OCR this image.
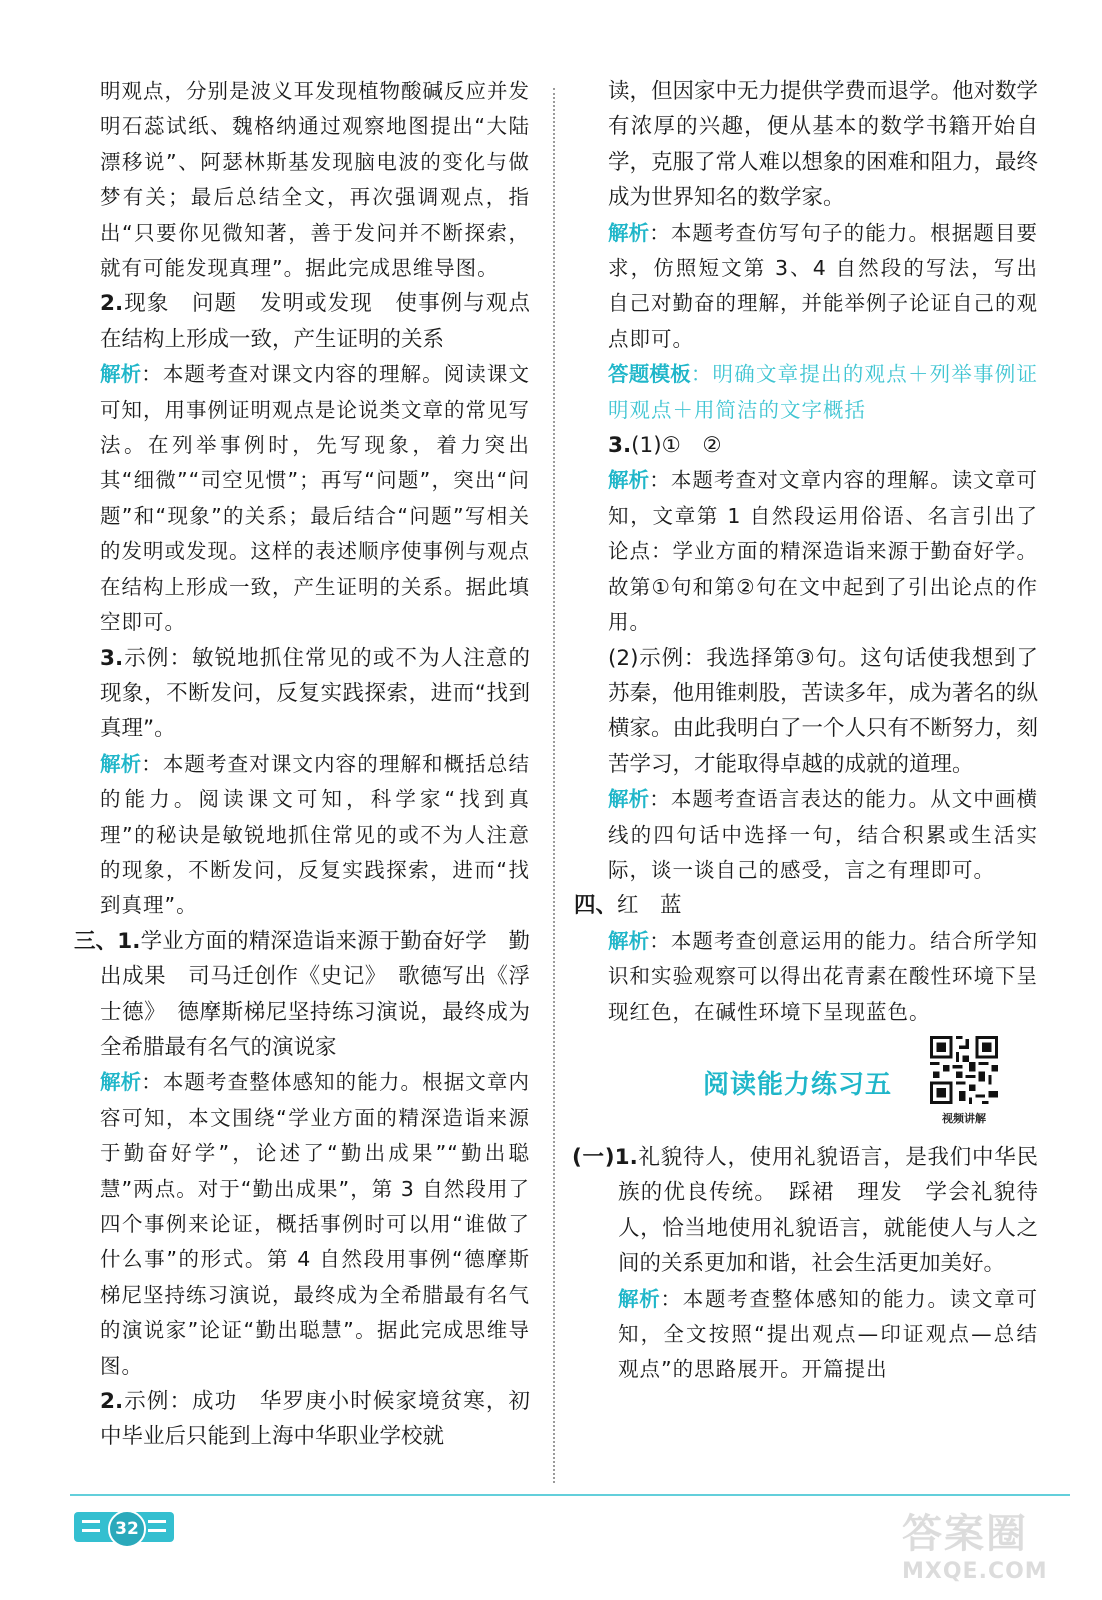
明观点，分别是波义耳发现植物酸碱反应并发明石蕊试纸、魏格纳通过观察地图提出“大陆漂移说”、阿瑟林斯基发现脑电波的变化与做梦有关；最后总结全文，再次强调观点，指出“只要你见微知著，善于发问并不断探索，就有可能发现真理”。据此完成思维导图。

2.现象　问题　发明或发现　使事例与观点在结构上形成一致，产生证明的关系

解析：本题考查对课文内容的理解。阅读课文可知，用事例证明观点是论说类文章的常见写法。在列举事例时，先写现象，着力突出其“细微”“司空见惯”；再写“问题”，突出“问题”和“现象”的关系；最后结合“问题”写相关的发明或发现。这样的表述顺序使事例与观点在结构上形成一致，产生证明的关系。据此填空即可。

3.示例：敏锐地抓住常见的或不为人注意的现象，不断发问，反复实践探索，进而“找到真理”。

解析：本题考查对课文内容的理解和概括总结的能力。阅读课文可知，科学家“找到真理”的秘诀是敏锐地抓住常见的或不为人注意的现象，不断发问，反复实践探索，进而“找到真理”。

三、1.学业方面的精深造诣来源于勤奋好学　勤出成果　司马迁创作《史记》　歌德写出《浮士德》　德摩斯梯尼坚持练习演说，最终成为全希腊最有名气的演说家

解析：本题考查整体感知的能力。根据文章内容可知，本文围绕“学业方面的精深造诣来源于勤奋好学”，论述了“勤出成果”“勤出聪慧”两点。对于“勤出成果”，第 3 自然段用了四个事例来论证，概括事例时可以用“谁做了什么事”的形式。第 4 自然段用事例“德摩斯梯尼坚持练习演说，最终成为全希腊最有名气的演说家”论证“勤出聪慧”。据此完成思维导图。

2.示例：成功　华罗庚小时候家境贫寒，初中毕业后只能到上海中华职业学校就

读，但因家中无力提供学费而退学。他对数学有浓厚的兴趣，便从基本的数学书籍开始自学，克服了常人难以想象的困难和阻力，最终成为世界知名的数学家。

解析：本题考查仿写句子的能力。根据题目要求，仿照短文第 3、4 自然段的写法，写出自己对勤奋的理解，并能举例子论证自己的观点即可。

答题模板：明确文章提出的观点＋列举事例证明观点＋用简洁的文字概括

3.(1)①　②

解析：本题考查对文章内容的理解。读文章可知，文章第 1 自然段运用俗语、名言引出了论点：学业方面的精深造诣来源于勤奋好学。故第①句和第②句在文中起到了引出论点的作用。

(2)示例：我选择第③句。这句话使我想到了苏秦，他用锥刺股，苦读多年，成为著名的纵横家。由此我明白了一个人只有不断努力，刻苦学习，才能取得卓越的成就的道理。

解析：本题考查语言表达的能力。从文中画横线的四句话中选择一句，结合积累或生活实际，谈一谈自己的感受，言之有理即可。

四、红　蓝

解析：本题考查创意运用的能力。结合所学知识和实验观察可以得出花青素在酸性环境下呈现红色，在碱性环境下呈现蓝色。

阅读能力练习五
视频讲解

(一)1.礼貌待人，使用礼貌语言，是我们中华民族的优良传统。　踩裙　理发　学会礼貌待人，恰当地使用礼貌语言，就能使人与人之间的关系更加和谐，社会生活更加美好。

解析：本题考查整体感知的能力。读文章可知，全文按照“提出观点—印证观点—总结观点”的思路展开。开篇提出

32	答案圈
MXQE.COM
